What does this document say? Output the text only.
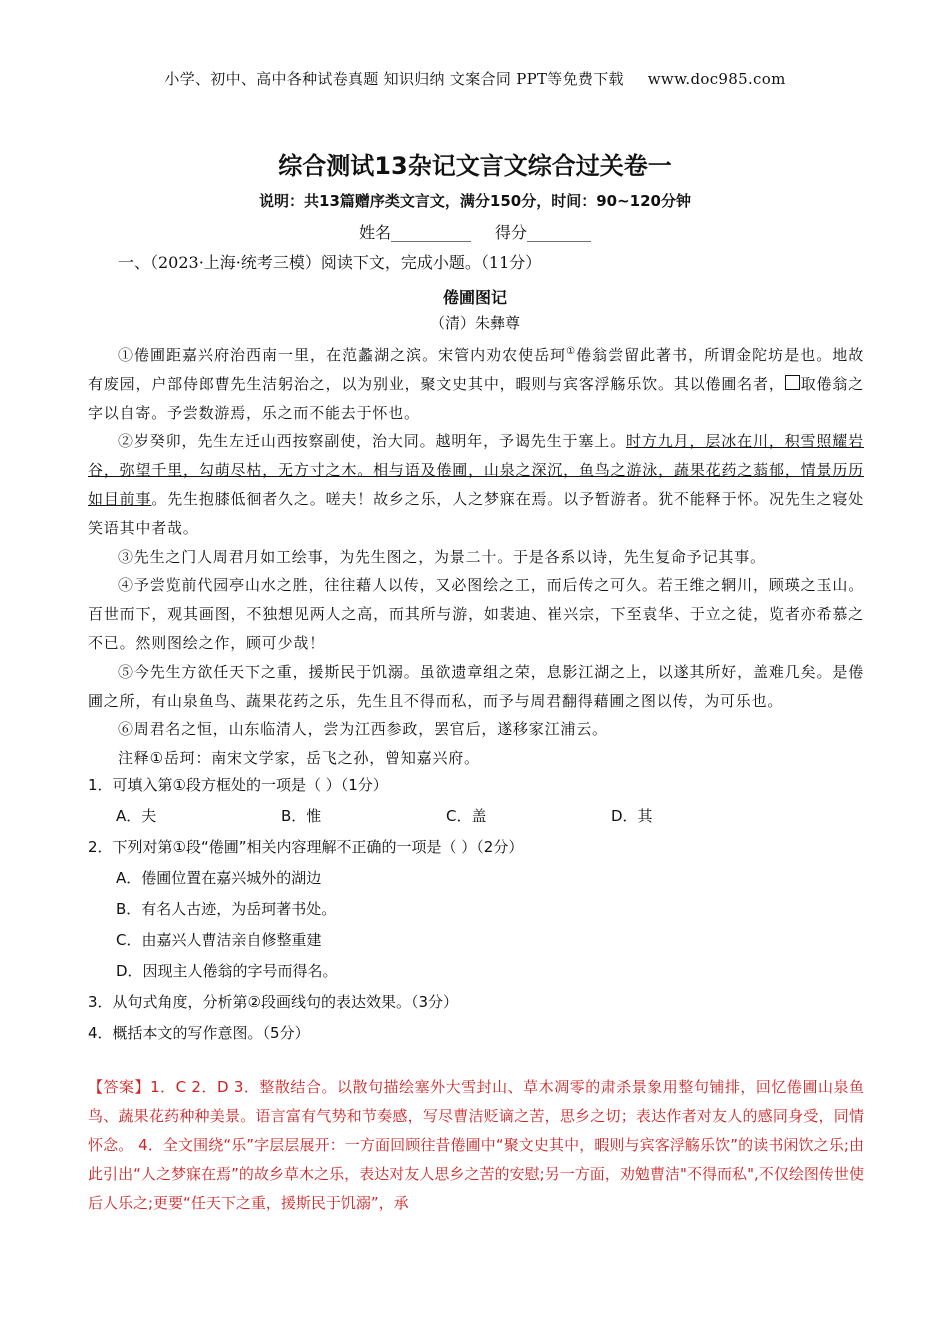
小学、初中、高中各种试卷真题 知识归纳 文案合同 PPT等免费下载 www.doc985.com
综合测试13杂记文言文综合过关卷一
说明：共13篇赠序类文言文，满分150分，时间：90~120分钟
姓名__________ 得分________
一、（2023·上海·统考三模）阅读下文，完成小题。（11分）
倦圃图记
（清）朱彝尊

①倦圃距嘉兴府治西南一里，在范蠡湖之滨。宋管内劝农使岳珂①倦翁尝留此著书，所谓金陀坊是也。地故有废园，户部侍郎曹先生洁躬治之，以为别业，聚文史其中，暇则与宾客浮觞乐饮。其以倦圃名者， 取倦翁之字以自寄。予尝数游焉，乐之而不能去于怀也。

②岁癸卯，先生左迁山西按察副使，治大同。越明年，予谒先生于塞上。时方九月，层冰在川，积雪照耀岩谷，弥望千里，勾萌尽枯，无方寸之木。相与语及倦圃，山泉之深沉，鱼鸟之游泳，蔬果花药之蓊郁，情景历历如目前事。先生抱膝低徊者久之。嗟夫！故乡之乐，人之梦寐在焉。以予暂游者。犹不能释于怀。况先生之寝处笑语其中者哉。

③先生之门人周君月如工绘事，为先生图之，为景二十。于是各系以诗，先生复命予记其事。

④予尝览前代园亭山水之胜，往往藉人以传，又必图绘之工，而后传之可久。若王维之辋川，顾瑛之玉山。百世而下，观其画图，不独想见两人之高，而其所与游，如裴迪、崔兴宗，下至袁华、于立之徒，览者亦希慕之不已。然则图绘之作，顾可少哉！

⑤今先生方欲任天下之重，援斯民于饥溺。虽欲遗章组之荣，息影江湖之上，以遂其所好，盖难几矣。是倦圃之所，有山泉鱼鸟、蔬果花药之乐，先生且不得而私，而予与周君翻得藉圃之图以传，为可乐也。

⑥周君名之恒，山东临清人，尝为江西参政，罢官后，遂移家江浦云。

注释①岳珂：南宋文学家，岳飞之孙，曾知嘉兴府。

1．可填入第①段方框处的一项是（ ）（1分）

A．夫	B．惟	C．盖	D．其

2．下列对第①段“倦圃”相关内容理解不正确的一项是（ ）（2分）

A．倦圃位置在嘉兴城外的湖边
B．有名人古迹，为岳珂著书处。
C．由嘉兴人曹洁亲自修整重建
D．因现主人倦翁的字号而得名。

3．从句式角度，分析第②段画线句的表达效果。（3分）

4．概括本文的写作意图。（5分）

【答案】1．C 2．D 3．整散结合。以散句描绘塞外大雪封山、草木凋零的肃杀景象用整句铺排，回忆倦圃山泉鱼鸟、蔬果花药种种美景。语言富有气势和节奏感，写尽曹洁贬谪之苦，思乡之切；表达作者对友人的感同身受，同情怀念。 4．全文围绕“乐”字层层展开：一方面回顾往昔倦圃中“聚文史其中，暇则与宾客浮觞乐饮”的读书闲饮之乐;由此引出“人之梦寐在焉”的故乡草木之乐，表达对友人思乡之苦的安慰;另一方面，劝勉曹洁"不得而私",不仅绘图传世使后人乐之;更要“任天下之重，援斯民于饥溺”，承
